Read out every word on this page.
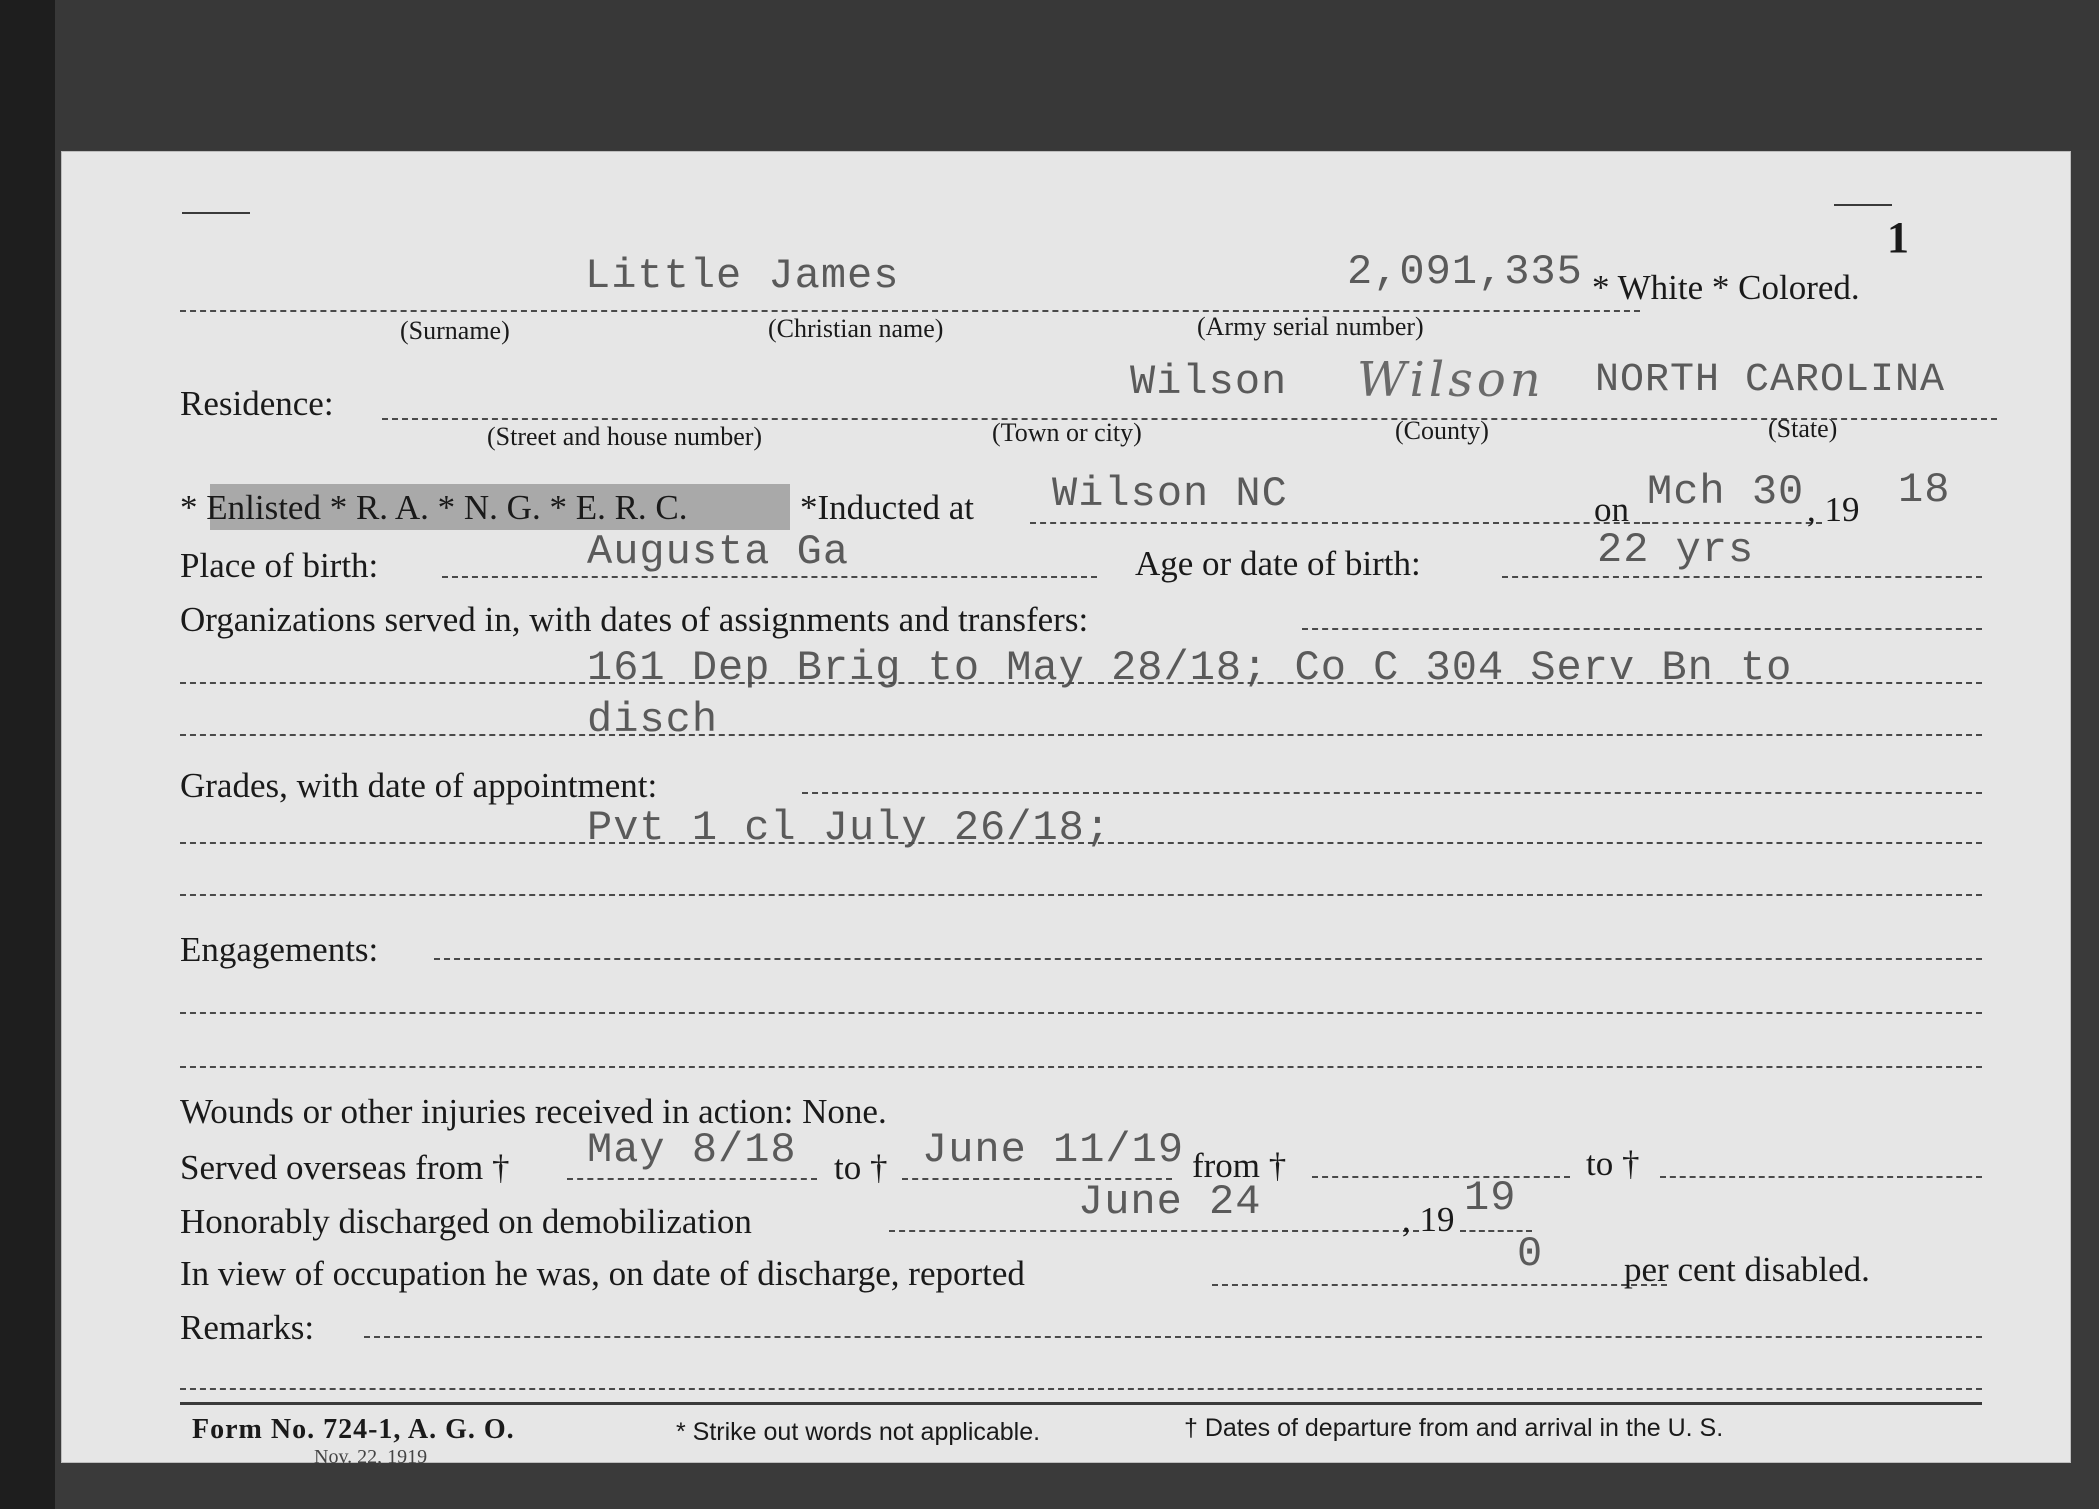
1
Little James	2,091,335 * White * Colored.
(Surname)	(Christian name)	(Army serial number)
Residence:	Wilson Wilson NORTH CAROLINA
(Street and house number)	(Town or city)	(County)	(State)
* Enlisted * R. A. * N. G. * E. R. C.	*Inducted at Wilson NC	on Mch 30 , 19 18
Place of birth:	Augusta Ga	Age or date of birth:	22 yrs
Organizations served in, with dates of assignments and transfers:
161 Dep Brig to May 28/18; Co C 304 Serv Bn to
disch
Grades, with date of appointment:
Pvt 1 cl July 26/18;
Engagements:
Wounds or other injuries received in action: None.
Served overseas from † May 8/18 to † June 11/19 from †	to †
Honorably discharged on demobilization	June 24	, 19 19
In view of occupation he was, on date of discharge, reported	0 per cent disabled.
Remarks:
Form No. 724-1, A. G. O.
Nov. 22, 1919
* Strike out words not applicable.	† Dates of departure from and arrival in the U. S.
